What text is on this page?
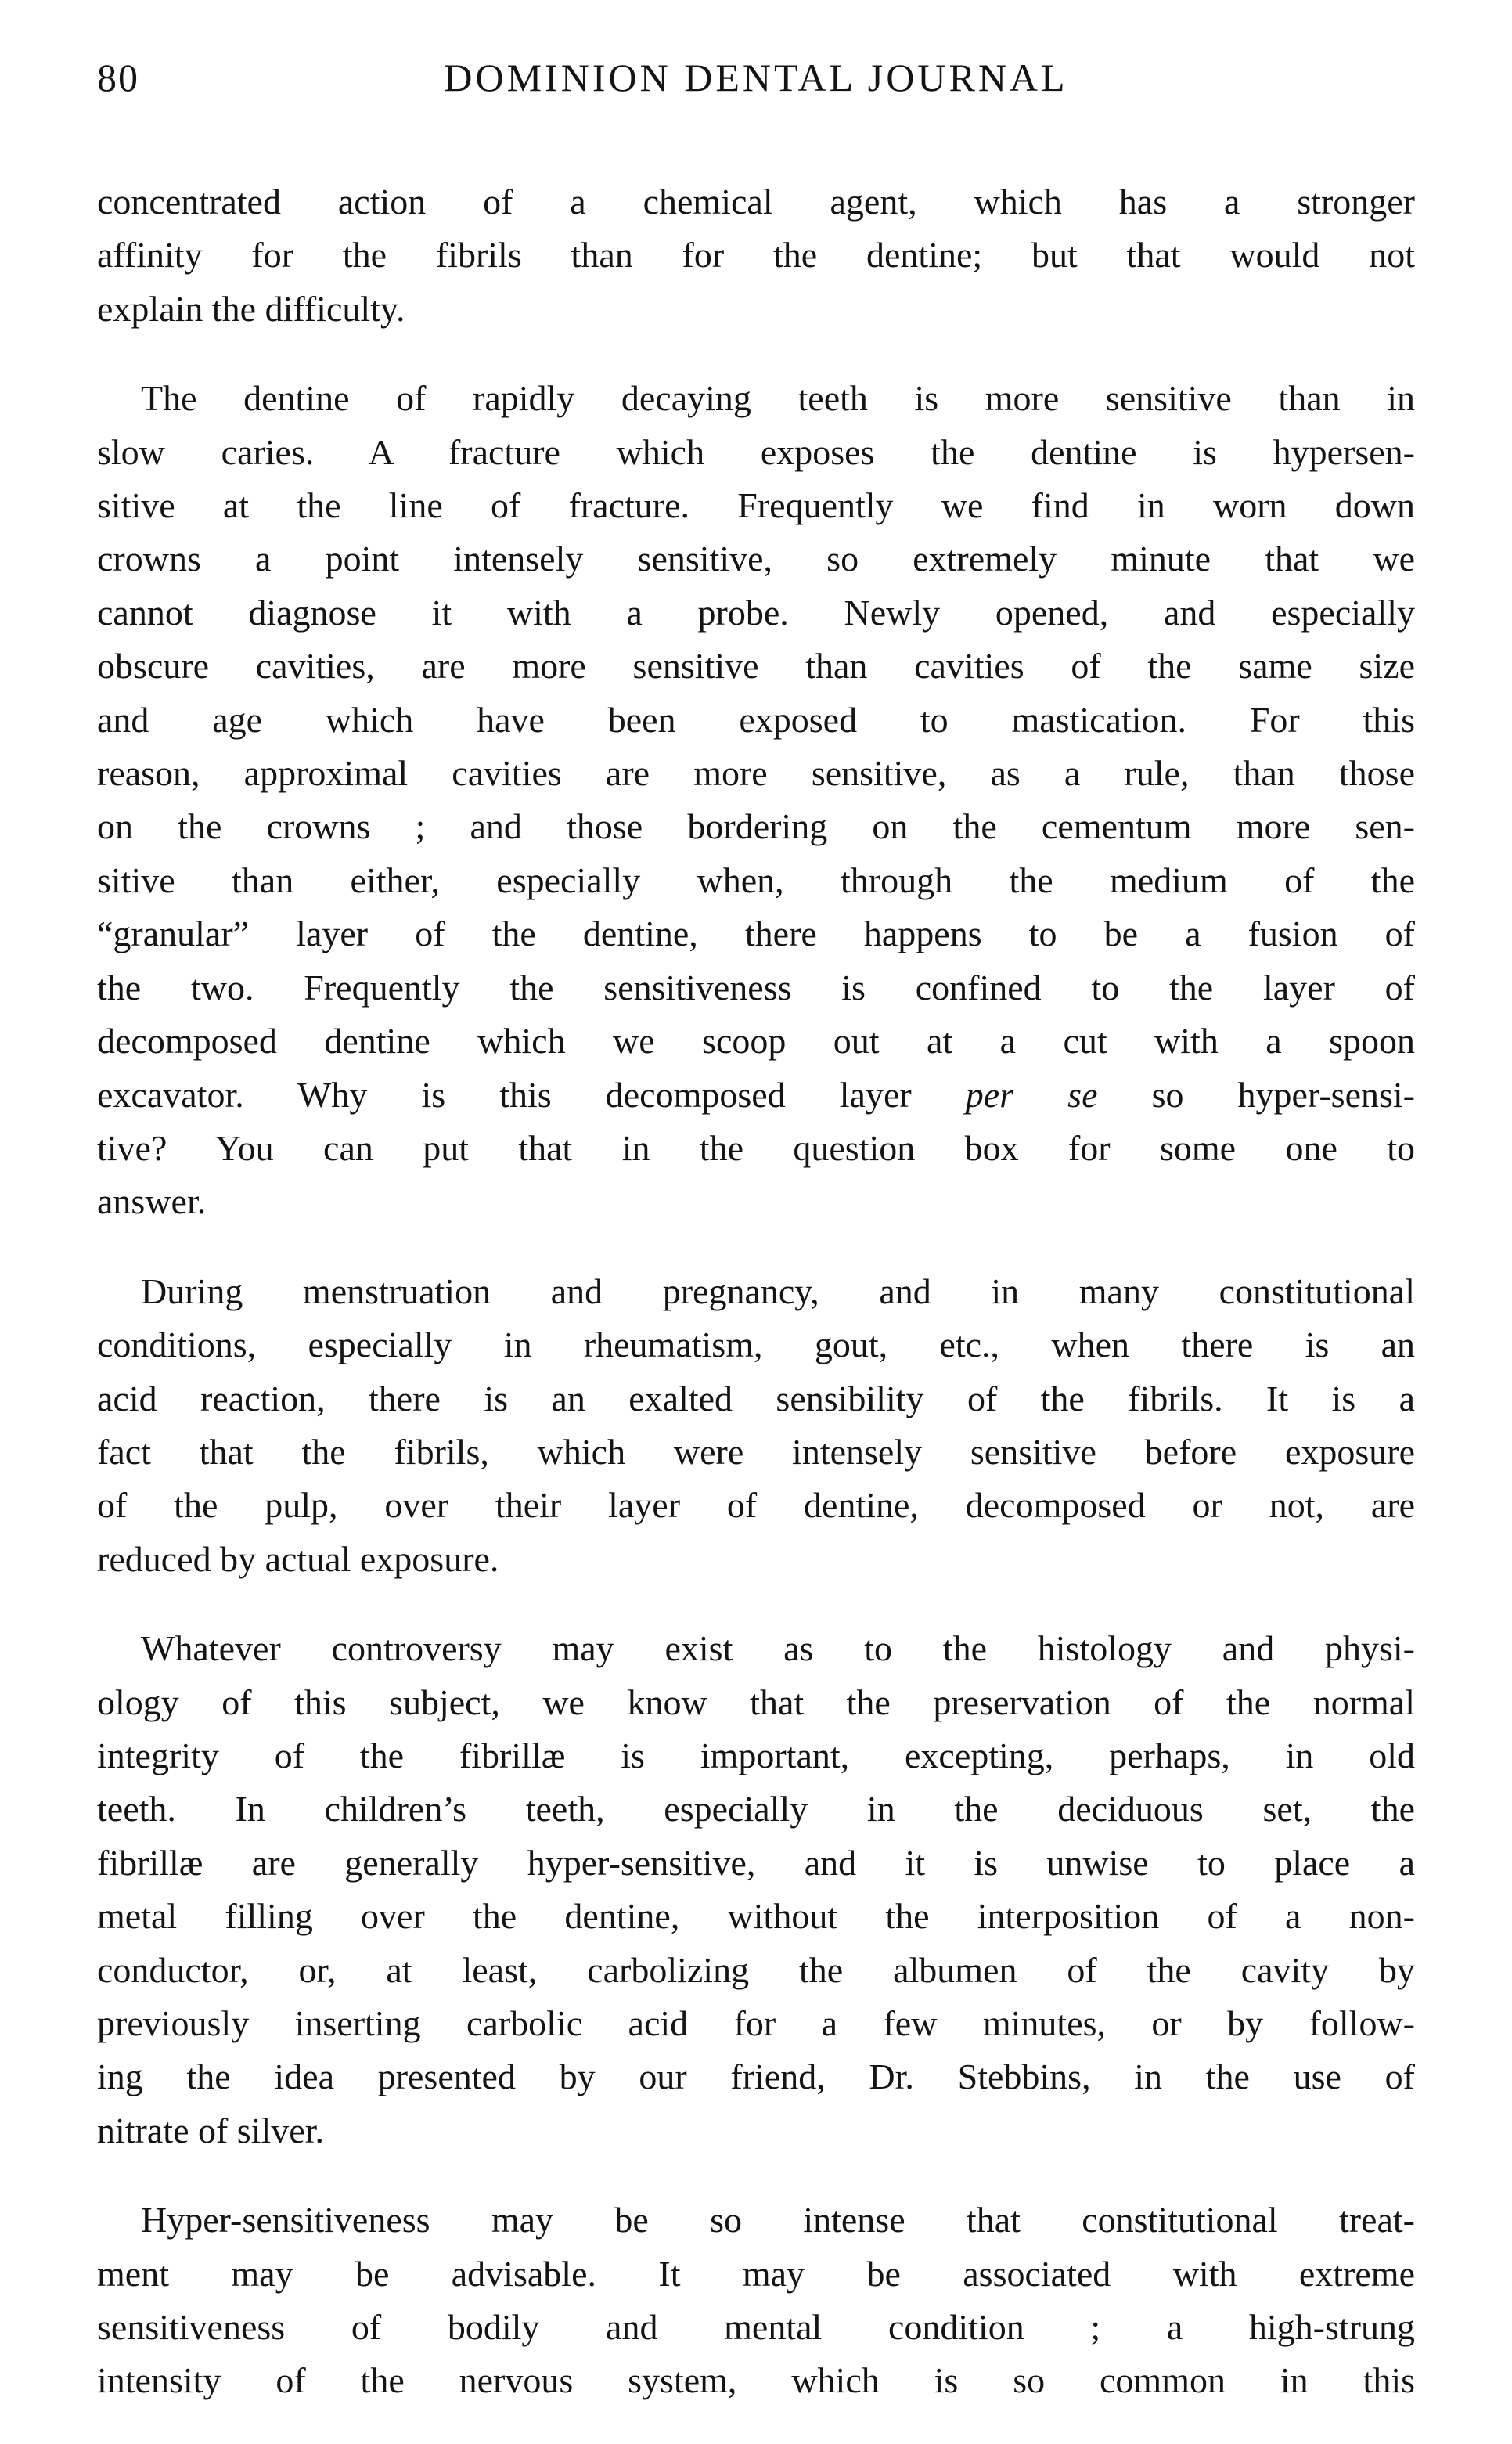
80	DOMINION DENTAL JOURNAL

concentrated action of a chemical agent, which has a stronger
affinity for the fibrils than for the dentine; but that would not
explain the difficulty.

The dentine of rapidly decaying teeth is more sensitive than in
slow caries. A fracture which exposes the dentine is hypersen-
sitive at the line of fracture. Frequently we find in worn down
crowns a point intensely sensitive, so extremely minute that we
cannot diagnose it with a probe. Newly opened, and especially
obscure cavities, are more sensitive than cavities of the same size
and age which have been exposed to mastication. For this
reason, approximal cavities are more sensitive, as a rule, than those
on the crowns ; and those bordering on the cementum more sen-
sitive than either, especially when, through the medium of the
“granular” layer of the dentine, there happens to be a fusion of
the two. Frequently the sensitiveness is confined to the layer of
decomposed dentine which we scoop out at a cut with a spoon
excavator. Why is this decomposed layer per se so hyper-sensi-
tive? You can put that in the question box for some one to
answer.

During menstruation and pregnancy, and in many constitutional
conditions, especially in rheumatism, gout, etc., when there is an
acid reaction, there is an exalted sensibility of the fibrils. It is a
fact that the fibrils, which were intensely sensitive before exposure
of the pulp, over their layer of dentine, decomposed or not, are
reduced by actual exposure.

Whatever controversy may exist as to the histology and physi-
ology of this subject, we know that the preservation of the normal
integrity of the fibrillæ is important, excepting, perhaps, in old
teeth. In children’s teeth, especially in the deciduous set, the
fibrillæ are generally hyper-sensitive, and it is unwise to place a
metal filling over the dentine, without the interposition of a non-
conductor, or, at least, carbolizing the albumen of the cavity by
previously inserting carbolic acid for a few minutes, or by follow-
ing the idea presented by our friend, Dr. Stebbins, in the use of
nitrate of silver.

Hyper-sensitiveness may be so intense that constitutional treat-
ment may be advisable. It may be associated with extreme
sensitiveness of bodily and mental condition ; a high-strung
intensity of the nervous system, which is so common in this
